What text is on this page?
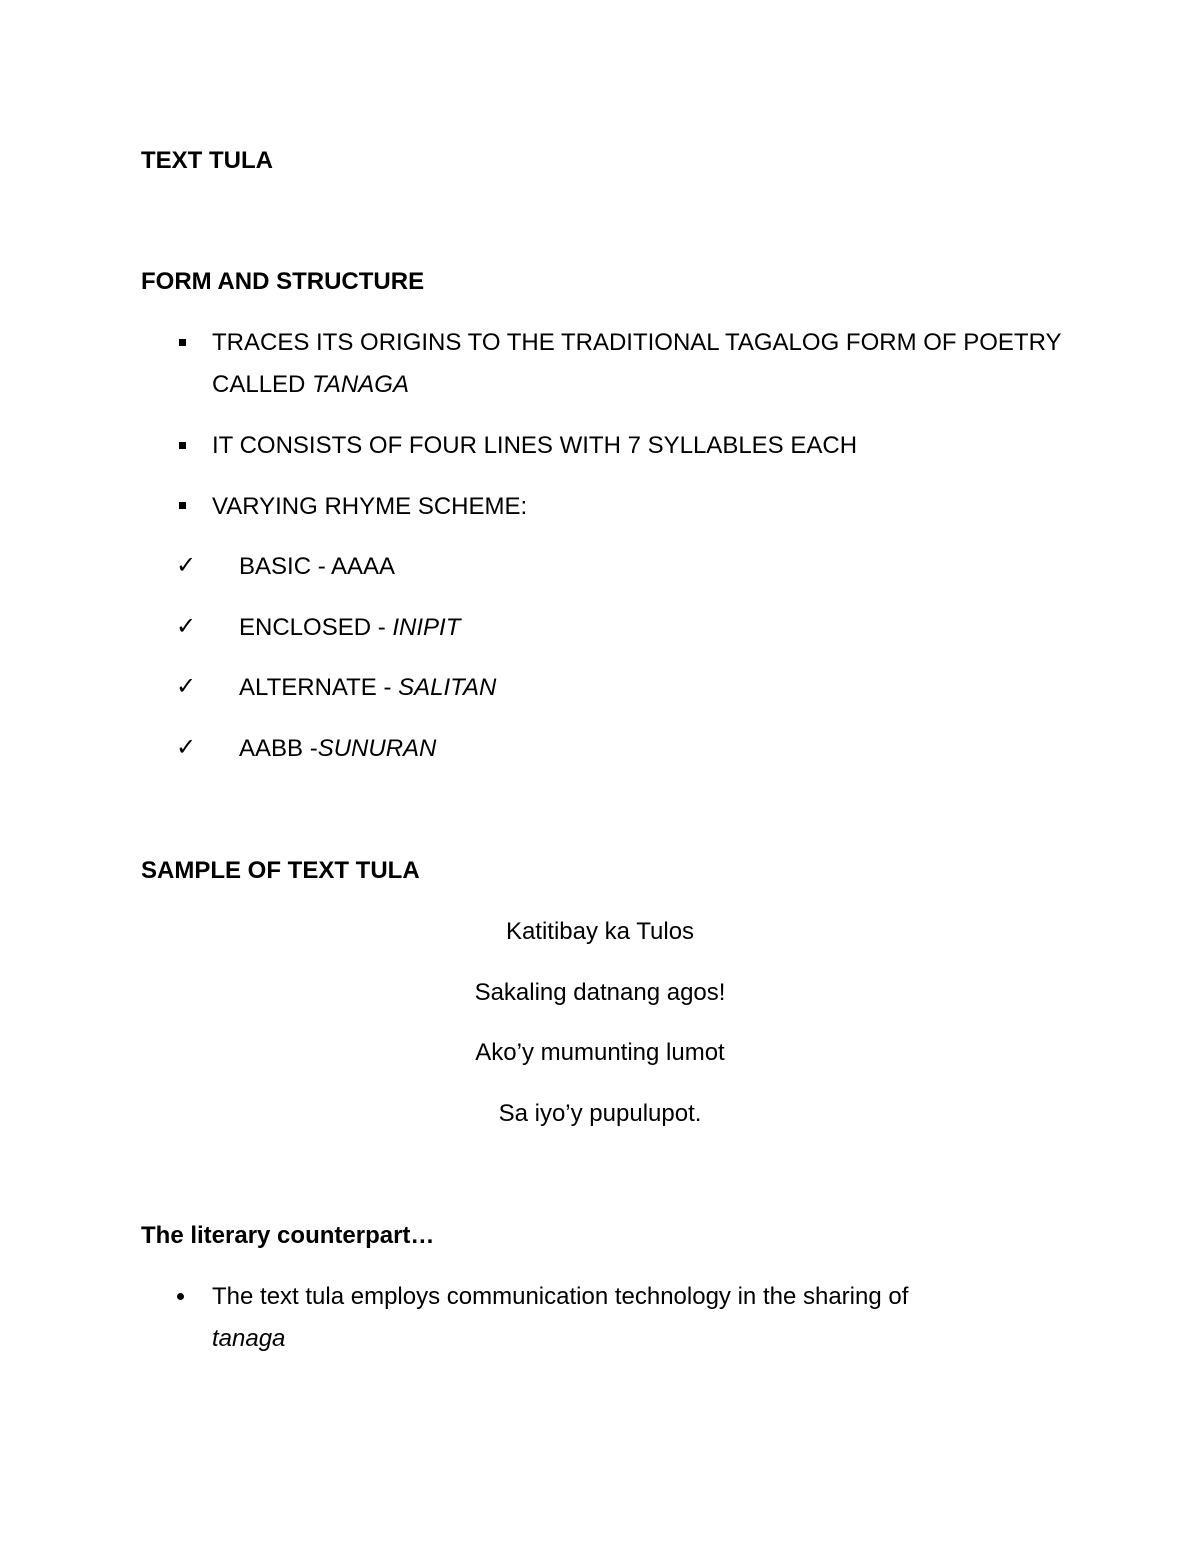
TEXT TULA
FORM AND STRUCTURE
TRACES ITS ORIGINS TO THE TRADITIONAL TAGALOG FORM OF POETRY
CALLED TANAGA
IT CONSISTS OF FOUR LINES WITH 7 SYLLABLES EACH
VARYING RHYME SCHEME:
✓ BASIC - AAAA
✓ ENCLOSED - INIPIT
✓ ALTERNATE - SALITAN
✓ AABB -SUNURAN
SAMPLE OF TEXT TULA
Katitibay ka Tulos
Sakaling datnang agos!
Ako’y mumunting lumot
Sa iyo’y pupulupot.
The literary counterpart…
The text tula employs communication technology in the sharing of
tanaga
